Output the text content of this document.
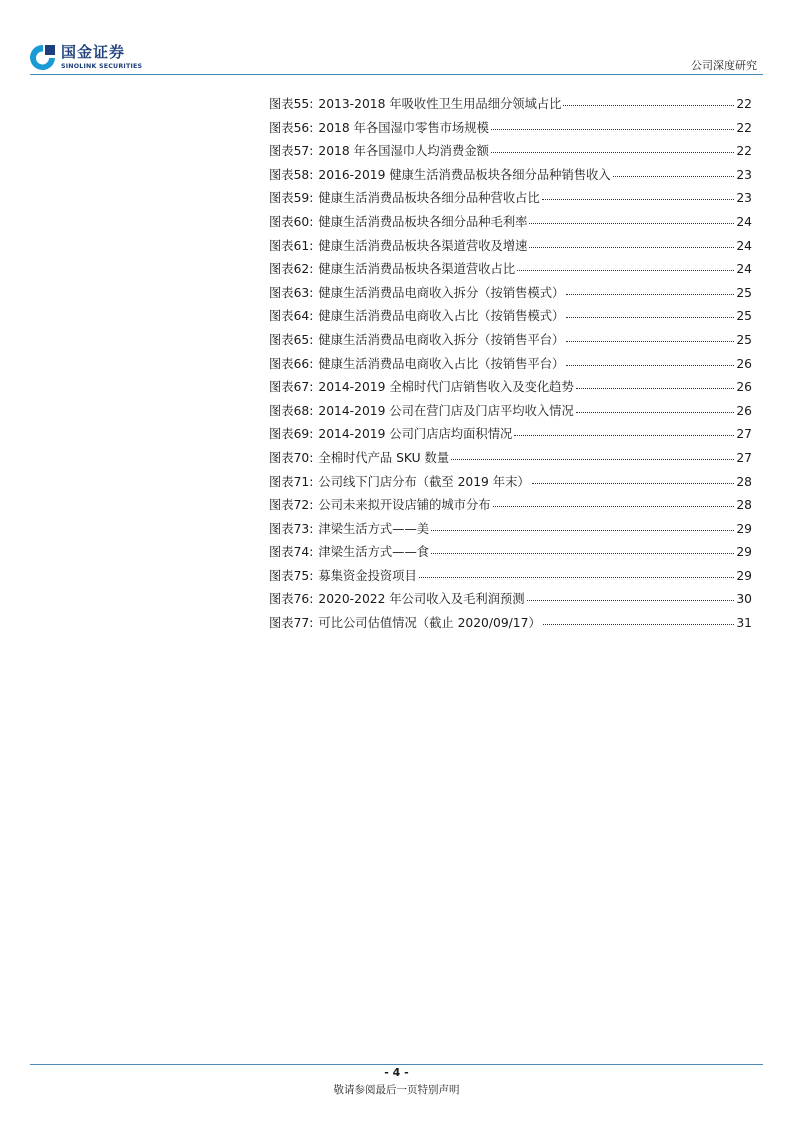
国金证券
SINOLINK SECURITIES	公司深度研究
图表55: 2013-2018 年吸收性卫生用品细分领域占比	22
图表56: 2018 年各国湿巾零售市场规模	22
图表57: 2018 年各国湿巾人均消费金额	22
图表58: 2016-2019 健康生活消费品板块各细分品种销售收入	23
图表59: 健康生活消费品板块各细分品种营收占比	23
图表60: 健康生活消费品板块各细分品种毛利率	24
图表61: 健康生活消费品板块各渠道营收及增速	24
图表62: 健康生活消费品板块各渠道营收占比	24
图表63: 健康生活消费品电商收入拆分（按销售模式）	25
图表64: 健康生活消费品电商收入占比（按销售模式）	25
图表65: 健康生活消费品电商收入拆分（按销售平台）	25
图表66: 健康生活消费品电商收入占比（按销售平台）	26
图表67: 2014-2019 全棉时代门店销售收入及变化趋势	26
图表68: 2014-2019 公司在营门店及门店平均收入情况	26
图表69: 2014-2019 公司门店店均面积情况	27
图表70: 全棉时代产品 SKU 数量	27
图表71: 公司线下门店分布（截至 2019 年末）	28
图表72: 公司未来拟开设店铺的城市分布	28
图表73: 津梁生活方式——美	29
图表74: 津梁生活方式——食	29
图表75: 募集资金投资项目	29
图表76: 2020-2022 年公司收入及毛利润预测	30
图表77: 可比公司估值情况（截止 2020/09/17）	31
- 4 -
敬请参阅最后一页特别声明
